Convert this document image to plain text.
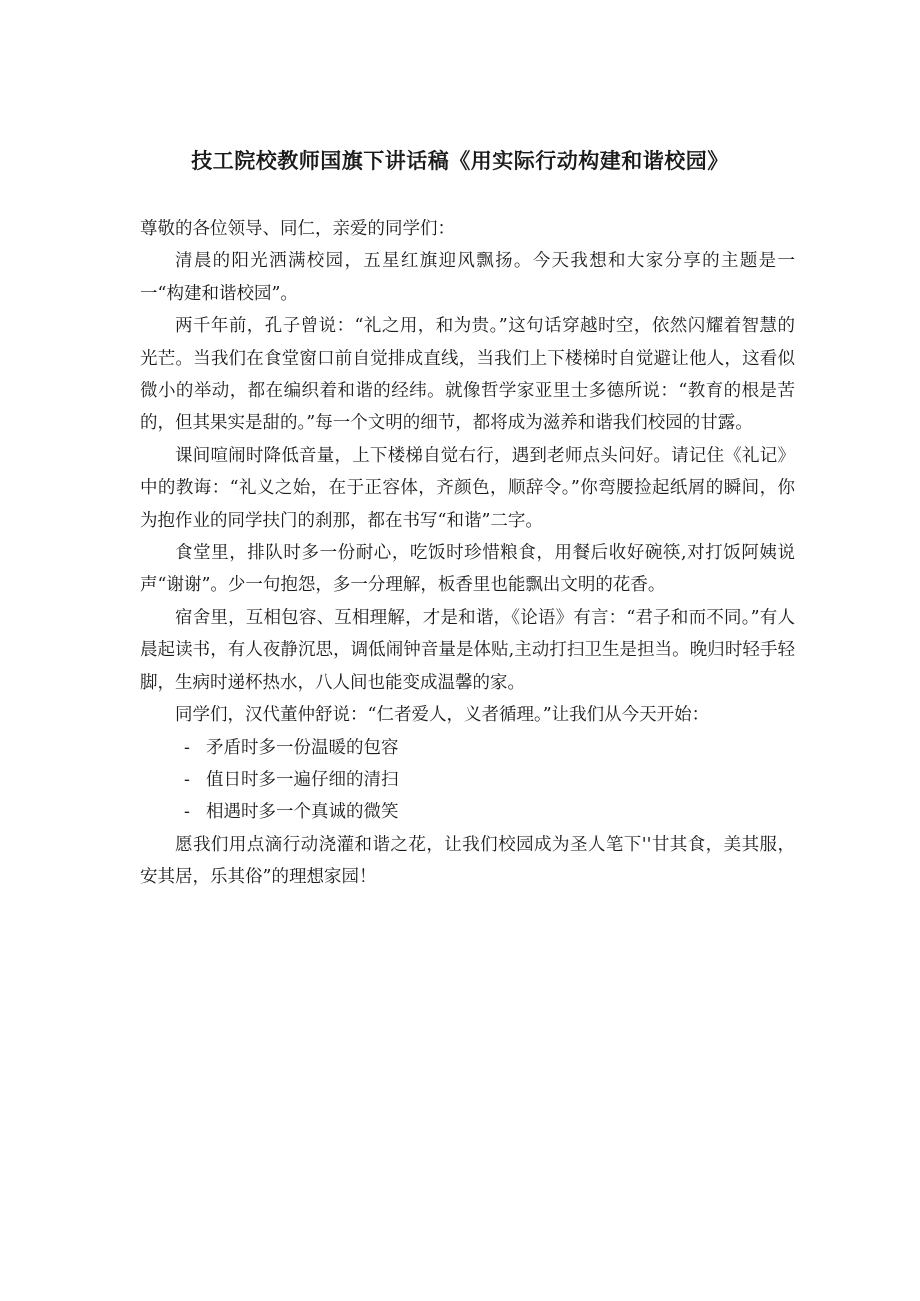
技工院校教师国旗下讲话稿《用实际行动构建和谐校园》

尊敬的各位领导、同仁，亲爱的同学们：

清晨的阳光洒满校园，五星红旗迎风飘扬。今天我想和大家分享的主题是一一“构建和谐校园”。

两千年前，孔子曾说：“礼之用，和为贵。”这句话穿越时空，依然闪耀着智慧的光芒。当我们在食堂窗口前自觉排成直线，当我们上下楼梯时自觉避让他人，这看似微小的举动，都在编织着和谐的经纬。就像哲学家亚里士多德所说：“教育的根是苦的，但其果实是甜的。”每一个文明的细节，都将成为滋养和谐我们校园的甘露。

课间喧闹时降低音量，上下楼梯自觉右行，遇到老师点头问好。请记住《礼记》中的教诲：“礼义之始，在于正容体，齐颜色，顺辞令。”你弯腰捡起纸屑的瞬间，你为抱作业的同学扶门的刹那，都在书写“和谐”二字。

食堂里，排队时多一份耐心，吃饭时珍惜粮食，用餐后收好碗筷,对打饭阿姨说声“谢谢”。少一句抱怨，多一分理解，板香里也能飘出文明的花香。

宿舍里，互相包容、互相理解，才是和谐，《论语》有言：“君子和而不同。”有人晨起读书，有人夜静沉思，调低闹钟音量是体贴,主动打扫卫生是担当。晚归时轻手轻脚，生病时递杯热水，八人间也能变成温馨的家。

同学们，汉代董仲舒说：“仁者爱人，义者循理。”让我们从今天开始：

- 矛盾时多一份温暖的包容
- 值日时多一遍仔细的清扫
- 相遇时多一个真诚的微笑

愿我们用点滴行动浇灌和谐之花，让我们校园成为圣人笔下''甘其食，美其服，安其居，乐其俗”的理想家园！
